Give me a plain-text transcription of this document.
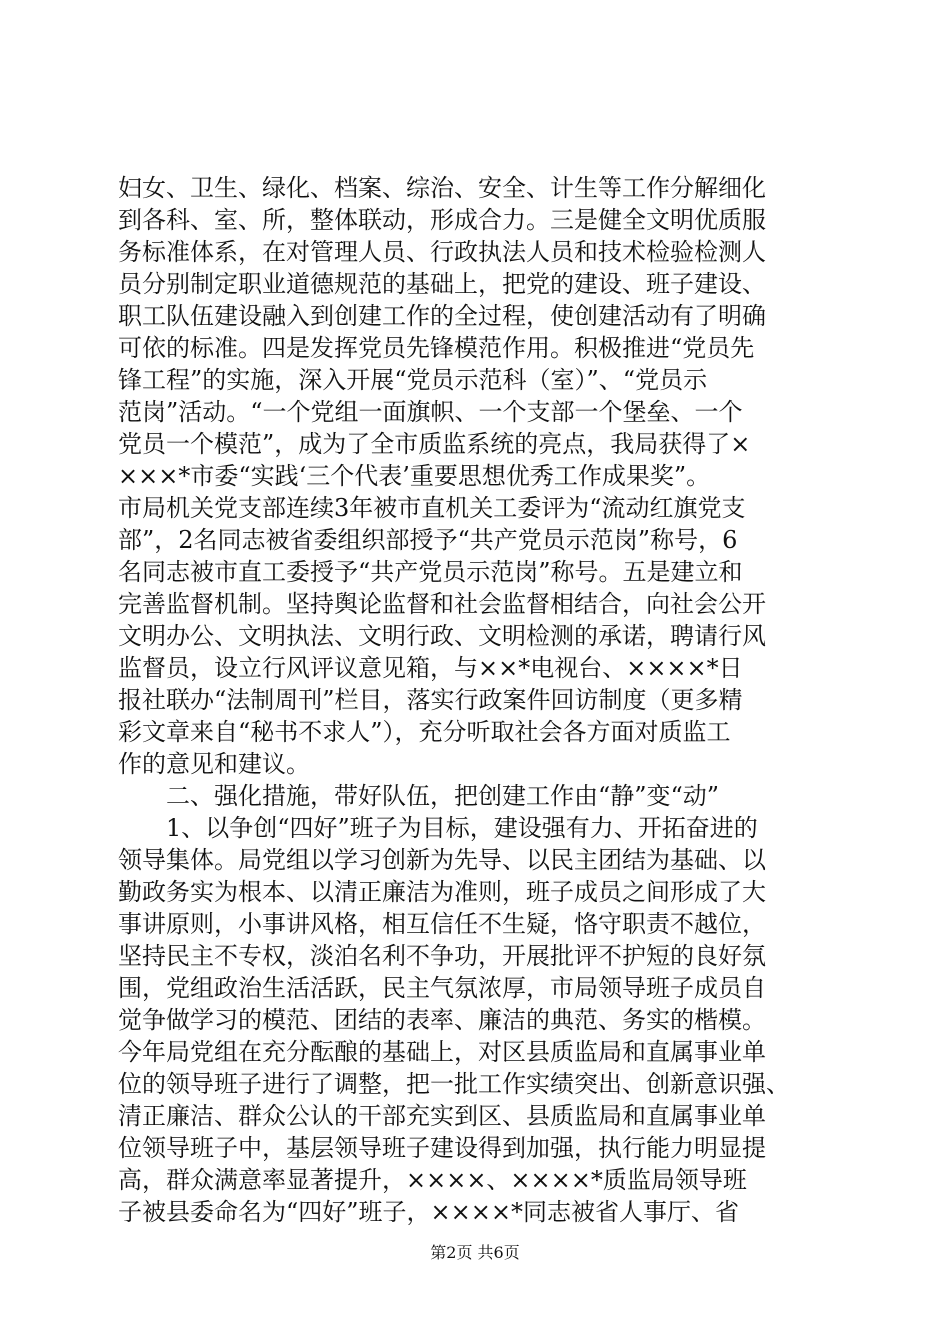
妇女、卫生、绿化、档案、综治、安全、计生等工作分解细化
到各科、室、所，整体联动，形成合力。三是健全文明优质服
务标准体系，在对管理人员、行政执法人员和技术检验检测人
员分别制定职业道德规范的基础上，把党的建设、班子建设、
职工队伍建设融入到创建工作的全过程，使创建活动有了明确
可依的标准。四是发挥党员先锋模范作用。积极推进“党员先
锋工程”的实施，深入开展“党员示范科（室）”、“党员示
范岗”活动。“一个党组一面旗帜、一个支部一个堡垒、一个
党员一个模范”，成为了全市质监系统的亮点，我局获得了×
×××*市委“实践‘三个代表’重要思想优秀工作成果奖”。
市局机关党支部连续3年被市直机关工委评为“流动红旗党支
部”，2名同志被省委组织部授予“共产党员示范岗”称号，6
名同志被市直工委授予“共产党员示范岗”称号。五是建立和
完善监督机制。坚持舆论监督和社会监督相结合，向社会公开
文明办公、文明执法、文明行政、文明检测的承诺，聘请行风
监督员，设立行风评议意见箱，与××*电视台、××××*日
报社联办“法制周刊”栏目，落实行政案件回访制度（更多精
彩文章来自“秘书不求人”），充分听取社会各方面对质监工
作的意见和建议。
　　二、强化措施，带好队伍，把创建工作由“静”变“动”
　　1、以争创“四好”班子为目标，建设强有力、开拓奋进的
领导集体。局党组以学习创新为先导、以民主团结为基础、以
勤政务实为根本、以清正廉洁为准则，班子成员之间形成了大
事讲原则，小事讲风格，相互信任不生疑，恪守职责不越位，
坚持民主不专权，淡泊名利不争功，开展批评不护短的良好氛
围，党组政治生活活跃，民主气氛浓厚，市局领导班子成员自
觉争做学习的模范、团结的表率、廉洁的典范、务实的楷模。
今年局党组在充分酝酿的基础上，对区县质监局和直属事业单
位的领导班子进行了调整，把一批工作实绩突出、创新意识强、
清正廉洁、群众公认的干部充实到区、县质监局和直属事业单
位领导班子中，基层领导班子建设得到加强，执行能力明显提
高，群众满意率显著提升，××××、××××*质监局领导班
子被县委命名为“四好”班子，××××*同志被省人事厅、省
第2页 共6页
